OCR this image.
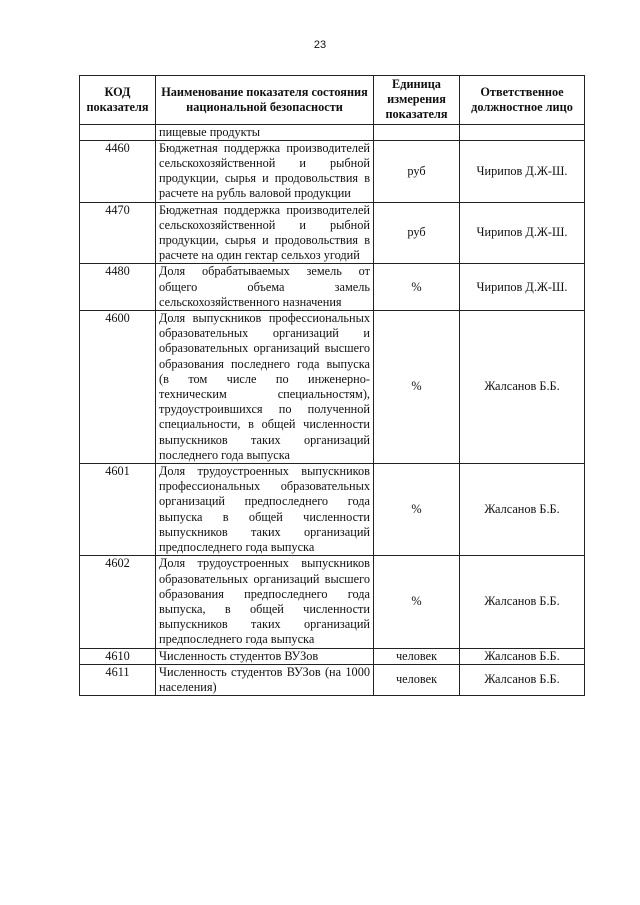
23
КОД показателя	Наименование показателя состояния национальной безопасности	Единица измерения показателя	Ответственное должностное лицо
	пищевые продукты		
4460	Бюджетная поддержка производителей сельскохозяйственной и рыбной продукции, сырья и продовольствия в расчете на рубль валовой продукции	руб	Чирипов Д.Ж-Ш.
4470	Бюджетная поддержка производителей сельскохозяйственной и рыбной продукции, сырья и продовольствия в расчете на один гектар сельхоз угодий	руб	Чирипов Д.Ж-Ш.
4480	Доля обрабатываемых земель от общего объема замель сельскохозяйственного назначения	%	Чирипов Д.Ж-Ш.
4600	Доля выпускников профессиональных образовательных организаций и образовательных организаций высшего образования последнего года выпуска (в том числе по инженерно-техническим специальностям), трудоустроившихся по полученной специальности, в общей численности выпускников таких организаций последнего года выпуска	%	Жалсанов Б.Б.
4601	Доля трудоустроенных выпускников профессиональных образовательных организаций предпоследнего года выпуска в общей численности выпускников таких организаций предпоследнего года выпуска	%	Жалсанов Б.Б.
4602	Доля трудоустроенных выпускников образовательных организаций высшего образования предпоследнего года выпуска, в общей численности выпускников таких организаций предпоследнего года выпуска	%	Жалсанов Б.Б.
4610	Численность студентов ВУЗов	человек	Жалсанов Б.Б.
4611	Численность студентов ВУЗов (на 1000 населения)	человек	Жалсанов Б.Б.
